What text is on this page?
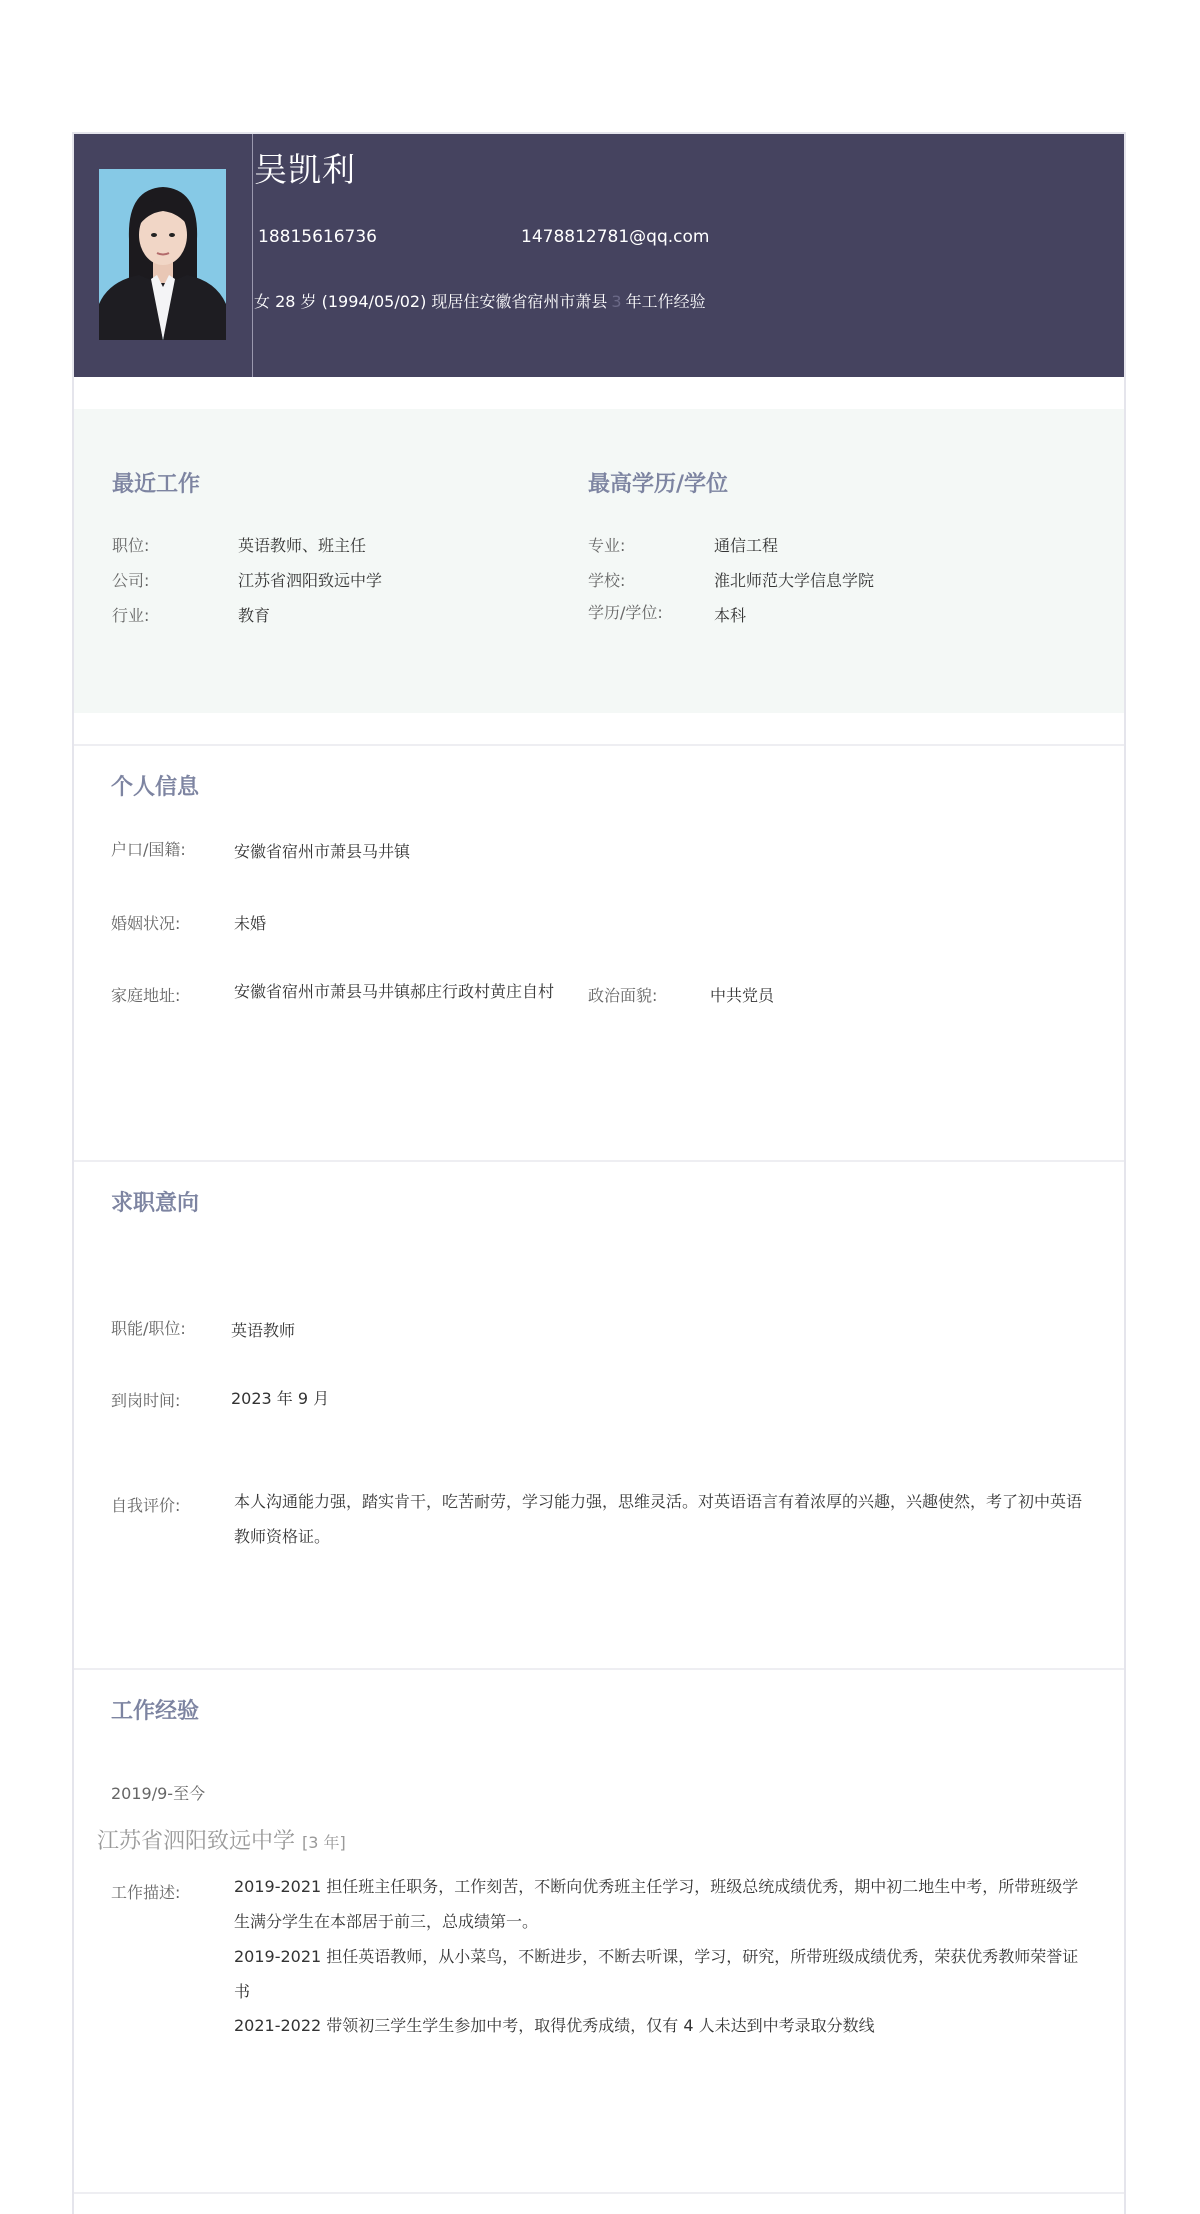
吴凯利
18815616736	1478812781@qq.com
女 28 岁 (1994/05/02) 现居住安徽省宿州市萧县 3 年工作经验
最近工作
职位:	英语教师、班主任
公司:	江苏省泗阳致远中学
行业:	教育
最高学历/学位
专业:	通信工程
学校:	淮北师范大学信息学院
学历/学位:	本科
个人信息
户口/国籍:	安徽省宿州市萧县马井镇
婚姻状况:	未婚
家庭地址:	安徽省宿州市萧县马井镇郝庄行政村黄庄自村	政治面貌:	中共党员
求职意向
职能/职位:	英语教师
到岗时间:	2023 年 9 月
自我评价:	本人沟通能力强，踏实肯干，吃苦耐劳，学习能力强，思维灵活。对英语语言有着浓厚的兴趣，兴趣使然，考了初中英语教师资格证。
工作经验
2019/9-至今
江苏省泗阳致远中学 [3 年]
工作描述:	2019-2021 担任班主任职务，工作刻苦，不断向优秀班主任学习，班级总统成绩优秀，期中初二地生中考，所带班级学生满分学生在本部居于前三，总成绩第一。
2019-2021 担任英语教师，从小菜鸟，不断进步，不断去听课，学习，研究，所带班级成绩优秀，荣获优秀教师荣誉证书
2021-2022 带领初三学生学生参加中考，取得优秀成绩，仅有 4 人未达到中考录取分数线
